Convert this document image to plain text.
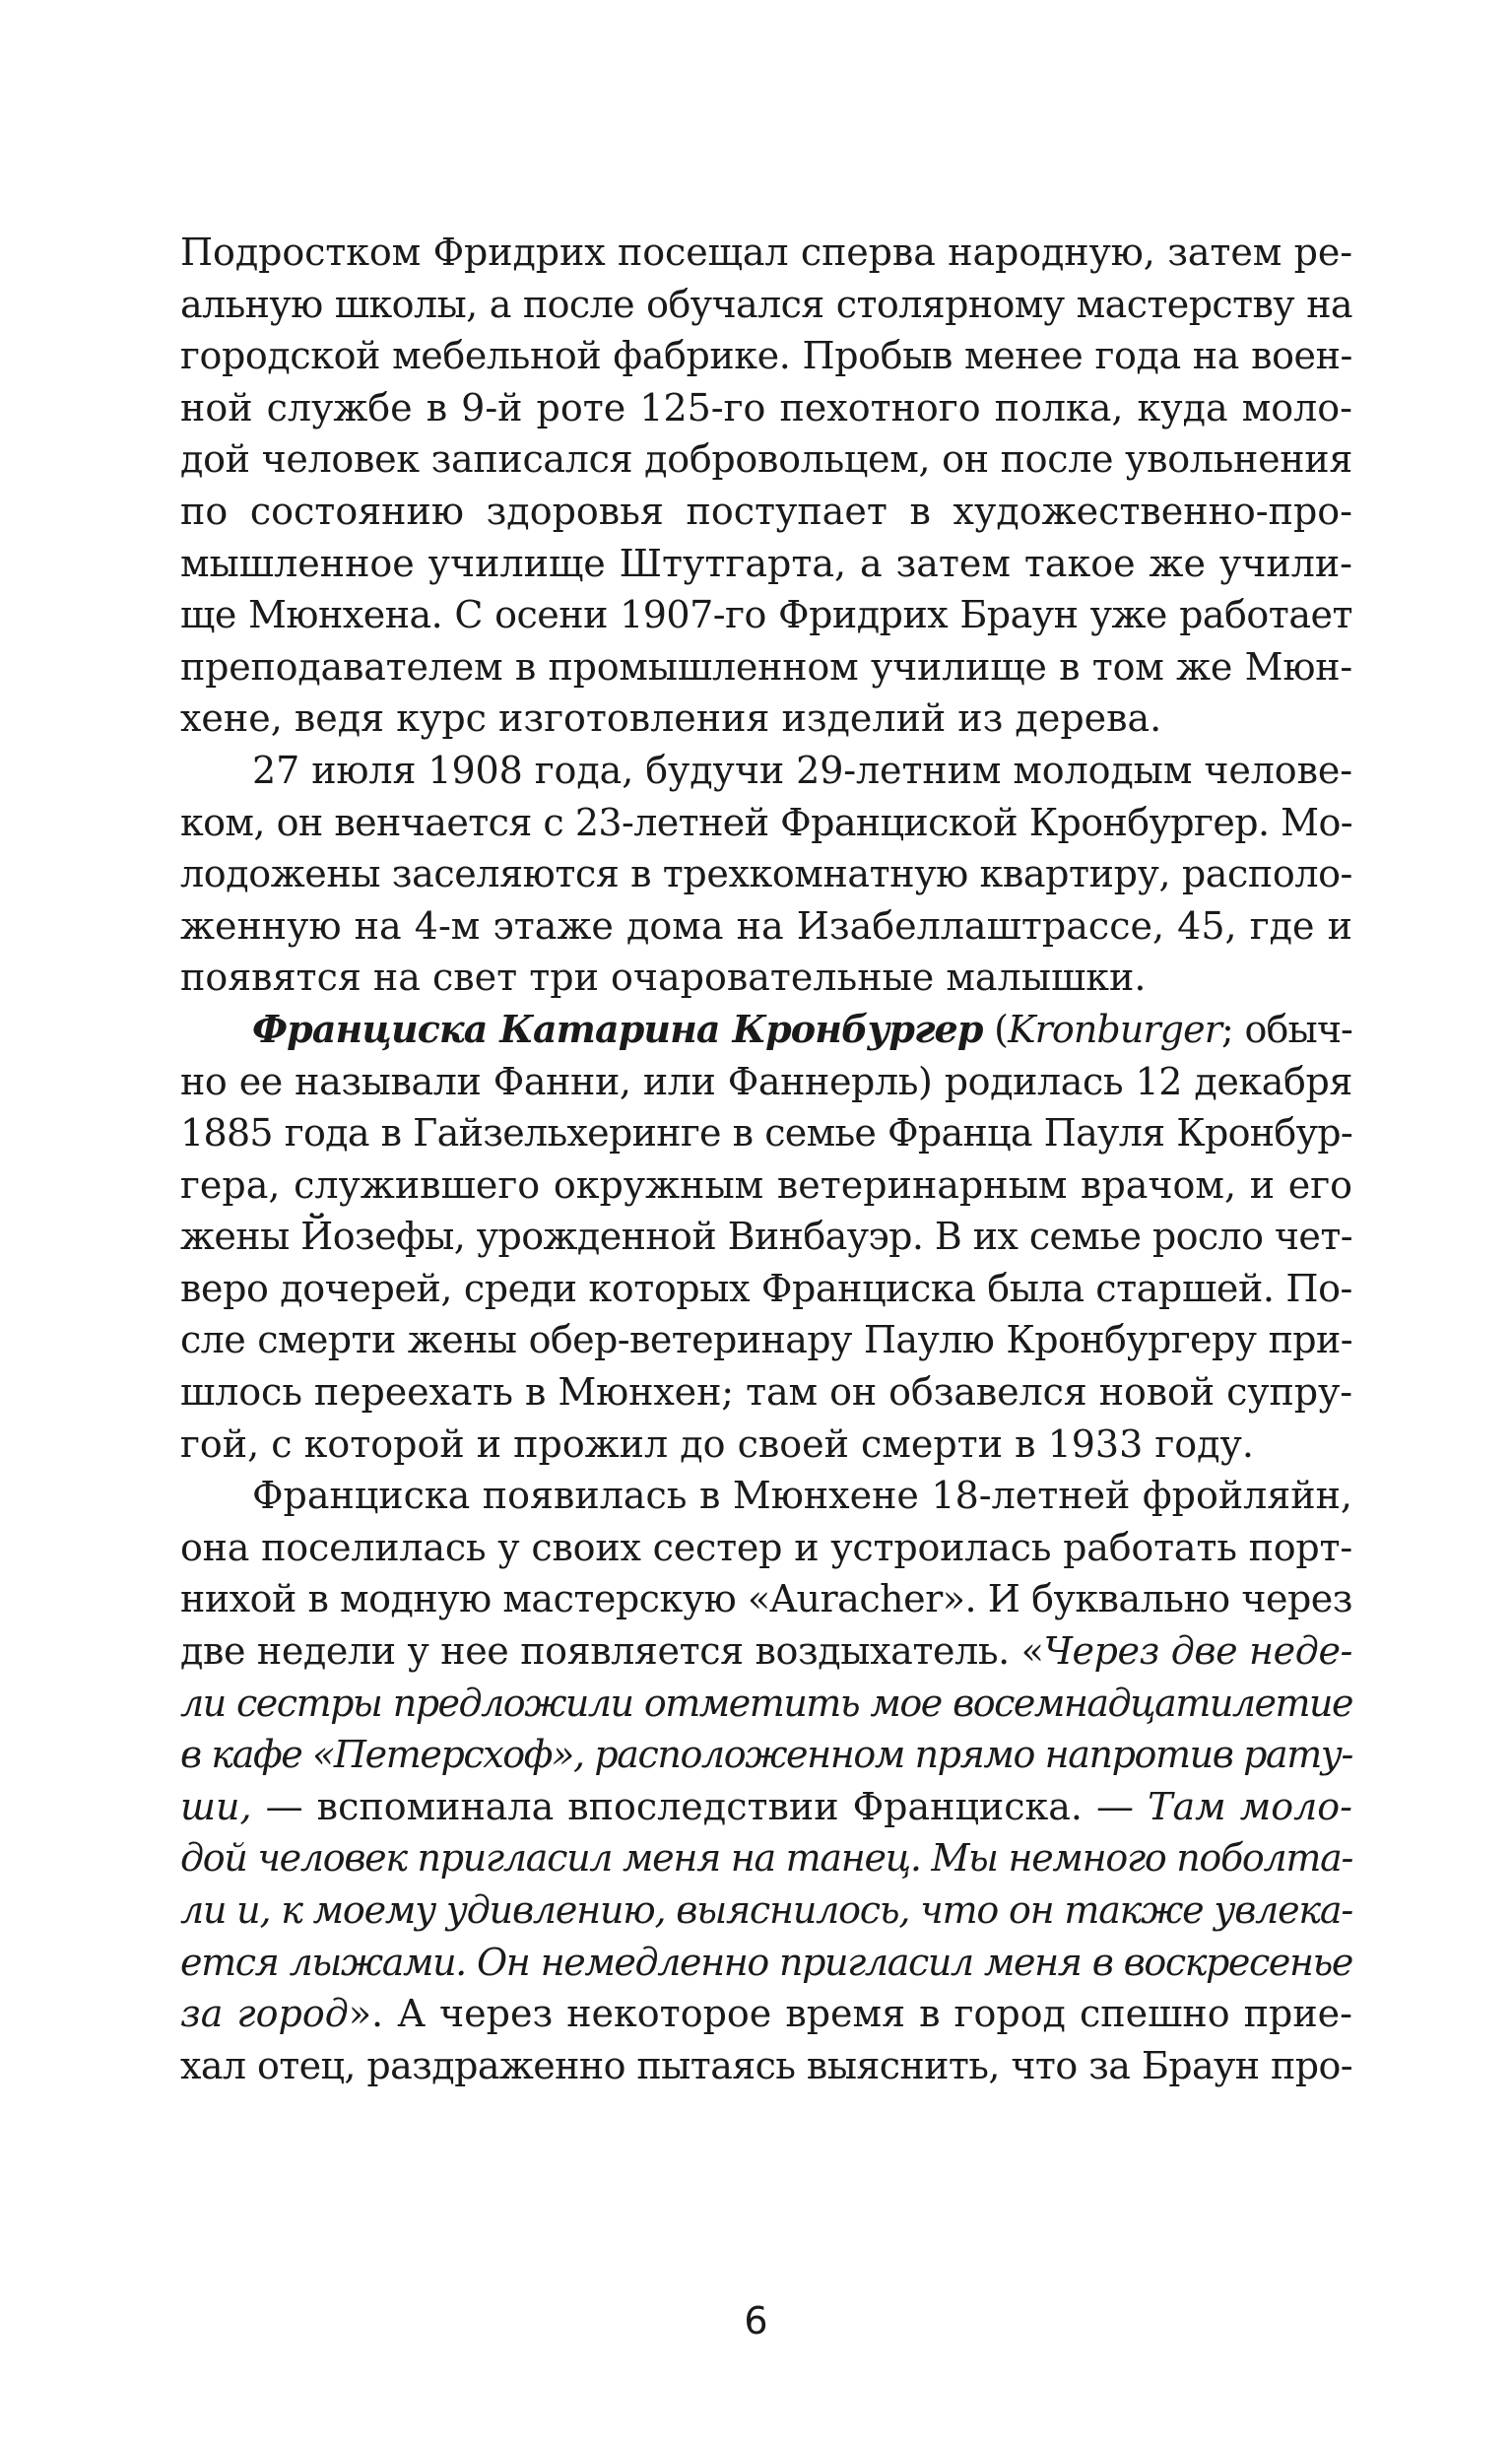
Подростком Фридрих посещал сперва народную, затем ре-
альную школы, а после обучался столярному мастерству на
городской мебельной фабрике. Пробыв менее года на воен-
ной службе в 9-й роте 125-го пехотного полка, куда моло-
дой человек записался добровольцем, он после увольнения
по состоянию здоровья поступает в художественно-про-
мышленное училище Штутгарта, а затем такое же учили-
ще Мюнхена. С осени 1907-го Фридрих Браун уже работает
преподавателем в промышленном училище в том же Мюн-
хене, ведя курс изготовления изделий из дерева.
27 июля 1908 года, будучи 29-летним молодым челове-
ком, он венчается с 23-летней Франциской Кронбургер. Мо-
лодожены заселяются в трехкомнатную квартиру, располо-
женную на 4-м этаже дома на Изабеллаштрассе, 45, где и
появятся на свет три очаровательные малышки.
Франциска Катарина Кронбургер (Kronburger; обыч-
но ее называли Фанни, или Фаннерль) родилась 12 декабря
1885 года в Гайзельхеринге в семье Франца Пауля Кронбур-
гера, служившего окружным ветеринарным врачом, и его
жены Йозефы, урожденной Винбауэр. В их семье росло чет-
веро дочерей, среди которых Франциска была старшей. По-
сле смерти жены обер-ветеринару Паулю Кронбургеру при-
шлось переехать в Мюнхен; там он обзавелся новой супру-
гой, с которой и прожил до своей смерти в 1933 году.
Франциска появилась в Мюнхене 18-летней фройляйн,
она поселилась у своих сестер и устроилась работать порт-
нихой в модную мастерскую «Auracher». И буквально через
две недели у нее появляется воздыхатель. «Через две неде-
ли сестры предложили отметить мое восемнадцатилетие
в кафе «Петерсхоф», расположенном прямо напротив рату-
ши, — вспоминала впоследствии Франциска. — Там моло-
дой человек пригласил меня на танец. Мы немного поболта-
ли и, к моему удивлению, выяснилось, что он также увлека-
ется лыжами. Он немедленно пригласил меня в воскресенье
за город». А через некоторое время в город спешно прие-
хал отец, раздраженно пытаясь выяснить, что за Браун про-
6
